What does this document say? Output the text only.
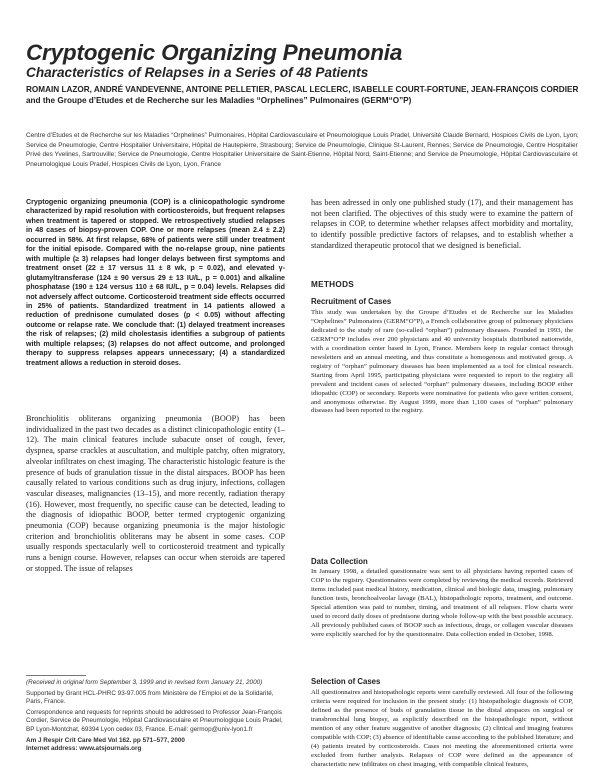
Cryptogenic Organizing Pneumonia
Characteristics of Relapses in a Series of 48 Patients
ROMAIN LAZOR, ANDRÉ VANDEVENNE, ANTOINE PELLETIER, PASCAL LECLERC, ISABELLE COURT-FORTUNE, JEAN-FRANÇOIS CORDIER and the Groupe d’Etudes et de Recherche sur les Maladies “Orphelines” Pulmonaires (GERM“O”P)
Centre d’Etudes et de Recherche sur les Maladies “Orphelines” Pulmonaires, Hôpital Cardiovasculaire et Pneumologique Louis Pradel, Université Claude Bernard, Hospices Civils de Lyon, Lyon; Service de Pneumologie, Centre Hospitalier Universitaire, Hôpital de Hautepierre, Strasbourg; Service de Pneumologie, Clinique St-Laurent, Rennes; Service de Pneumologie, Centre Hospitalier Privé des Yvelines, Sartrouville; Service de Pneumologie, Centre Hospitalier Universitaire de Saint-Etienne, Hôpital Nord, Saint-Etienne; and Service de Pneumologie, Hôpital Cardiovasculaire et Pneumologique Louis Pradel, Hospices Civils de Lyon, Lyon, France
Cryptogenic organizing pneumonia (COP) is a clinicopathologic syndrome characterized by rapid resolution with corticosteroids, but frequent relapses when treatment is tapered or stopped. We retrospectively studied relapses in 48 cases of biopsy-proven COP. One or more relapses (mean 2.4 ± 2.2) occurred in 58%. At first relapse, 68% of patients were still under treatment for the initial episode. Compared with the no-relapse group, nine patients with multiple (≥ 3) relapses had longer delays between first symptoms and treatment onset (22 ± 17 versus 11 ± 8 wk, p = 0.02), and elevated γ-glutamyltransferase (124 ± 90 versus 29 ± 13 IU/L, p = 0.001) and alkaline phosphatase (190 ± 124 versus 110 ± 68 IU/L, p = 0.04) levels. Relapses did not adversely affect outcome. Corticosteroid treatment side effects occurred in 25% of patients. Standardized treatment in 14 patients allowed a reduction of prednisone cumulated doses (p < 0.05) without affecting outcome or relapse rate. We conclude that: (1) delayed treatment increases the risk of relapses; (2) mild cholestasis identifies a subgroup of patients with multiple relapses; (3) relapses do not affect outcome, and prolonged therapy to suppress relapses appears unnecessary; (4) a standardized treatment allows a reduction in steroid doses.
Bronchiolitis obliterans organizing pneumonia (BOOP) has been individualized in the past two decades as a distinct clinicopathologic entity (1–12). The main clinical features include subacute onset of cough, fever, dyspnea, sparse crackles at auscultation, and multiple patchy, often migratory, alveolar infiltrates on chest imaging. The characteristic histologic feature is the presence of buds of granulation tissue in the distal airspaces. BOOP has been causally related to various conditions such as drug injury, infections, collagen vascular diseases, malignancies (13–15), and more recently, radiation therapy (16). However, most frequently, no specific cause can be detected, leading to the diagnosis of idiopathic BOOP, better termed cryptogenic organizing pneumonia (COP) because organizing pneumonia is the major histologic criterion and bronchiolitis obliterans may be absent in some cases. COP usually responds spectacularly well to corticosteroid treatment and typically runs a benign course. However, relapses can occur when steroids are tapered or stopped. The issue of relapses

(Received in original form September 3, 1999 and in revised form January 21, 2000)

Supported by Grant HCL-PHRC 93-97.005 from Ministère de l’Emploi et de la Solidarité, Paris, France.

Correspondence and requests for reprints should be addressed to Professor Jean-François Cordier, Service de Pneumologie, Hôpital Cardiovasculaire et Pneumologique Louis Pradel, BP Lyon-Montchat, 69394 Lyon cedex 03, France. E-mail: germop@univ-lyon1.fr

Am J Respir Crit Care Med Vol 162. pp 571–577, 2000

Internet address: www.atsjournals.org

has been adressed in only one published study (17), and their management has not been clarified. The objectives of this study were to examine the pattern of relapses in COP, to determine whether relapses affect morbidity and mortality, to identify possible predictive factors of relapses, and to establish whether a standardized therapeutic protocol that we designed is beneficial.
METHODS
Recruitment of Cases
This study was undertaken by the Groupe d’Etudes et de Recherche sur les Maladies “Orphelines” Pulmonaires (GERM“O”P), a French collaborative group of pulmonary physicians dedicated to the study of rare (so-called “orphan”) pulmonary diseases. Founded in 1993, the GERM“O”P includes over 200 physicians and 40 university hospitals distributed nationwide, with a coordination center based in Lyon, France. Members keep in regular contact through newsletters and an annual meeting, and thus constitute a homogenous and motivated group. A registry of “orphan” pulmonary diseases has been implemented as a tool for clinical research. Starting from April 1995, participating physicians were requested to report to the registry all prevalent and incident cases of selected “orphan” pulmonary diseases, including BOOP either idiopathic (COP) or secondary. Reports were nominative for patients who gave written consent, and anonymous otherwise. By August 1999, more than 1,100 cases of “orphan” pulmonary diseases had been reported to the registry.
Data Collection
In January 1998, a detailed questionnaire was sent to all physicians having reported cases of COP to the registry. Questionnaires were completed by reviewing the medical records. Retrieved items included past medical history, medication, clinical and biologic data, imaging, pulmonary function tests, bronchoalveolar lavage (BAL), histopathologic reports, treatment, and outcome. Special attention was paid to number, timing, and treatment of all relapses. Flow charts were used to record daily doses of prednisone during whole follow-up with the best possible accuracy. All previously published cases of BOOP such as infectious, drugs, or collagen vascular diseases were explicitly searched for by the questionnaire. Data collection ended in October, 1998.
Selection of Cases
All questionnaires and histopathologic reports were carefully reviewed. All four of the following criteria were required for inclusion in the present study: (1) histopathologic diagnosis of COP, defined as the presence of buds of granulation tissue in the distal airspaces on surgical or transbronchial lung biopsy, as explicitly described on the histopathologic report, without mention of any other feature suggestive of another diagnosis; (2) clinical and imaging features compatible with COP; (3) absence of identifiable cause according to the published literature; and (4) patients treated by corticosteroids. Cases not meeting the aforementioned criteria were excluded from further analysis. Relapses of COP were defined as the appearance of characteristic new infiltrates on chest imaging, with compatible clinical features,
